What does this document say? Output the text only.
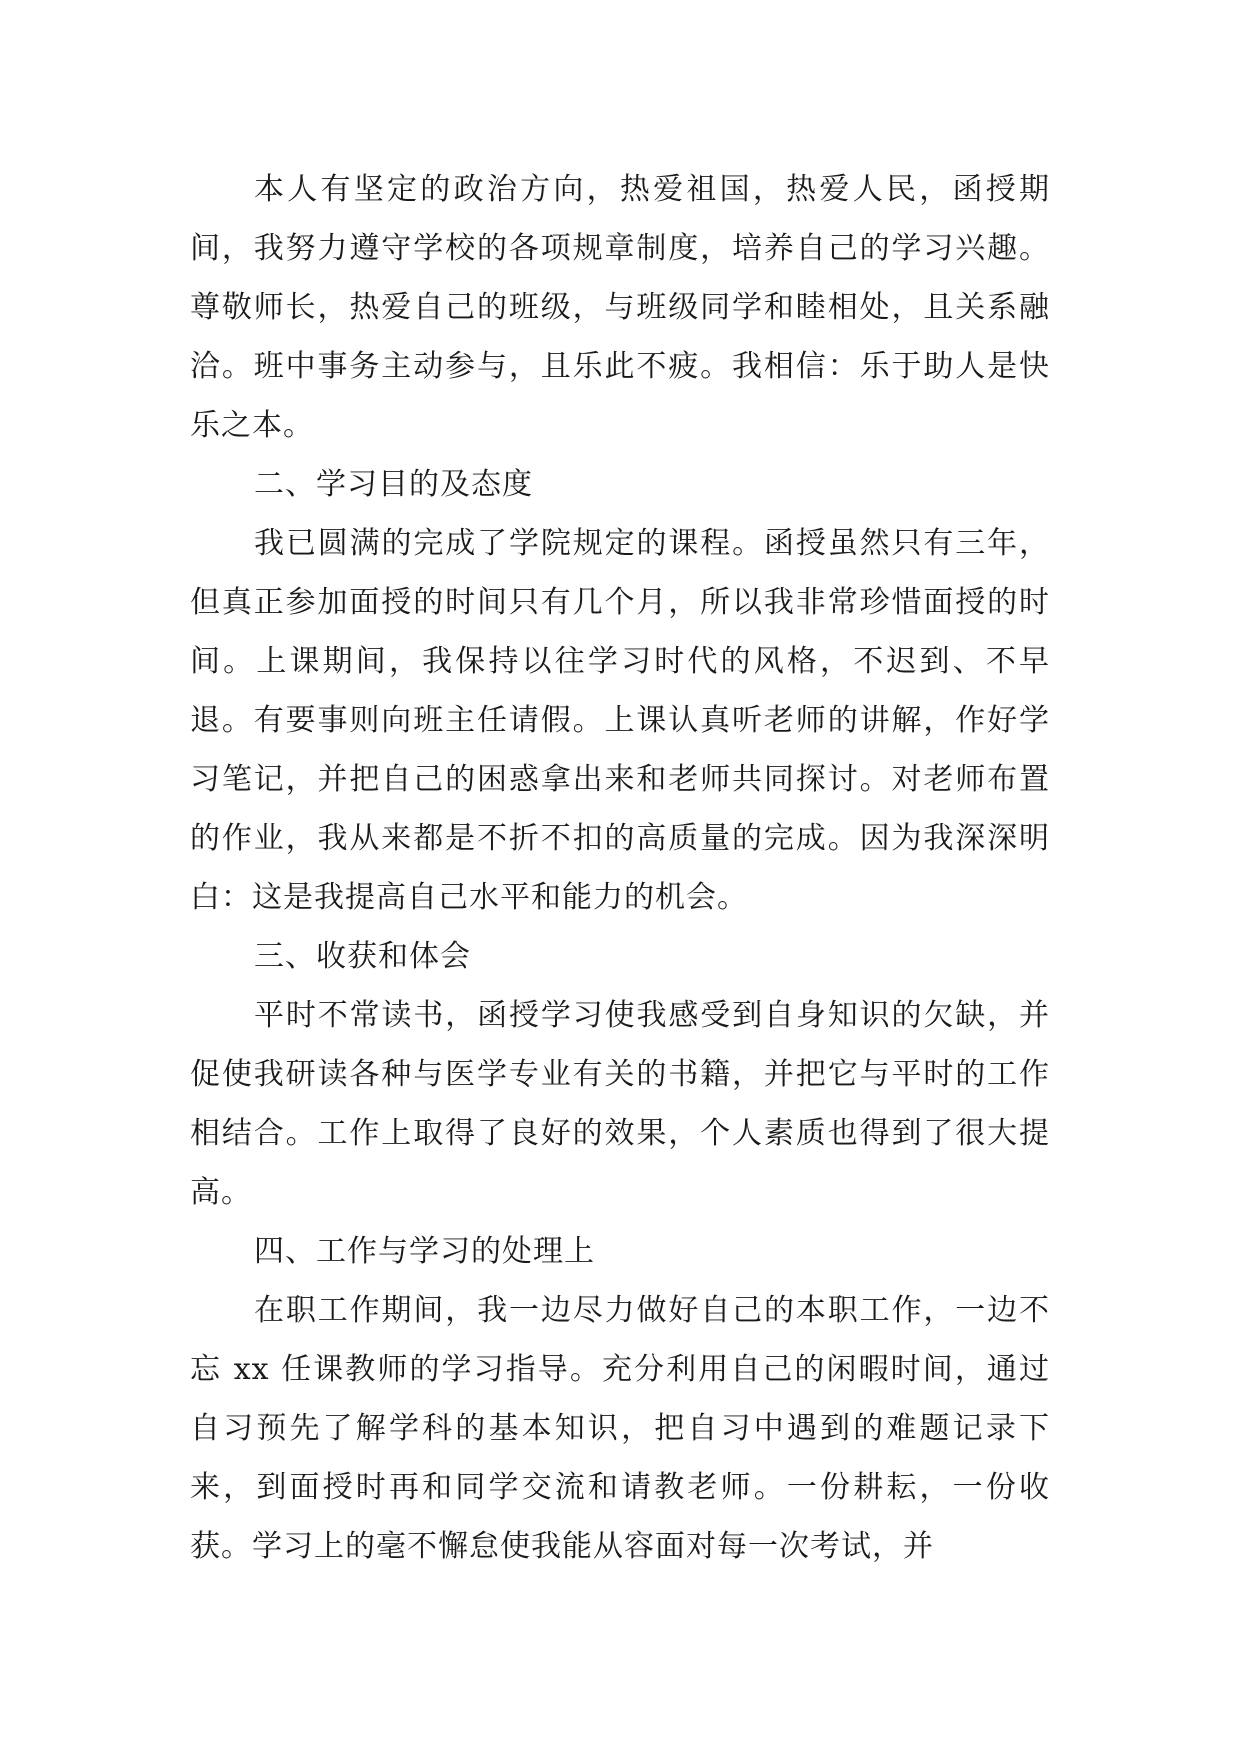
本人有坚定的政治方向，热爱祖国，热爱人民，函授期间，我努力遵守学校的各项规章制度，培养自己的学习兴趣。尊敬师长，热爱自己的班级，与班级同学和睦相处，且关系融洽。班中事务主动参与，且乐此不疲。我相信：乐于助人是快乐之本。

二、学习目的及态度

我已圆满的完成了学院规定的课程。函授虽然只有三年，但真正参加面授的时间只有几个月，所以我非常珍惜面授的时间。上课期间，我保持以往学习时代的风格，不迟到、不早退。有要事则向班主任请假。上课认真听老师的讲解，作好学习笔记，并把自己的困惑拿出来和老师共同探讨。对老师布置的作业，我从来都是不折不扣的高质量的完成。因为我深深明白：这是我提高自己水平和能力的机会。

三、收获和体会

平时不常读书，函授学习使我感受到自身知识的欠缺，并促使我研读各种与医学专业有关的书籍，并把它与平时的工作相结合。工作上取得了良好的效果，个人素质也得到了很大提高。

四、工作与学习的处理上

在职工作期间，我一边尽力做好自己的本职工作，一边不忘 xx 任课教师的学习指导。充分利用自己的闲暇时间，通过自习预先了解学科的基本知识，把自习中遇到的难题记录下来，到面授时再和同学交流和请教老师。一份耕耘，一份收获。学习上的毫不懈怠使我能从容面对每一次考试，并
